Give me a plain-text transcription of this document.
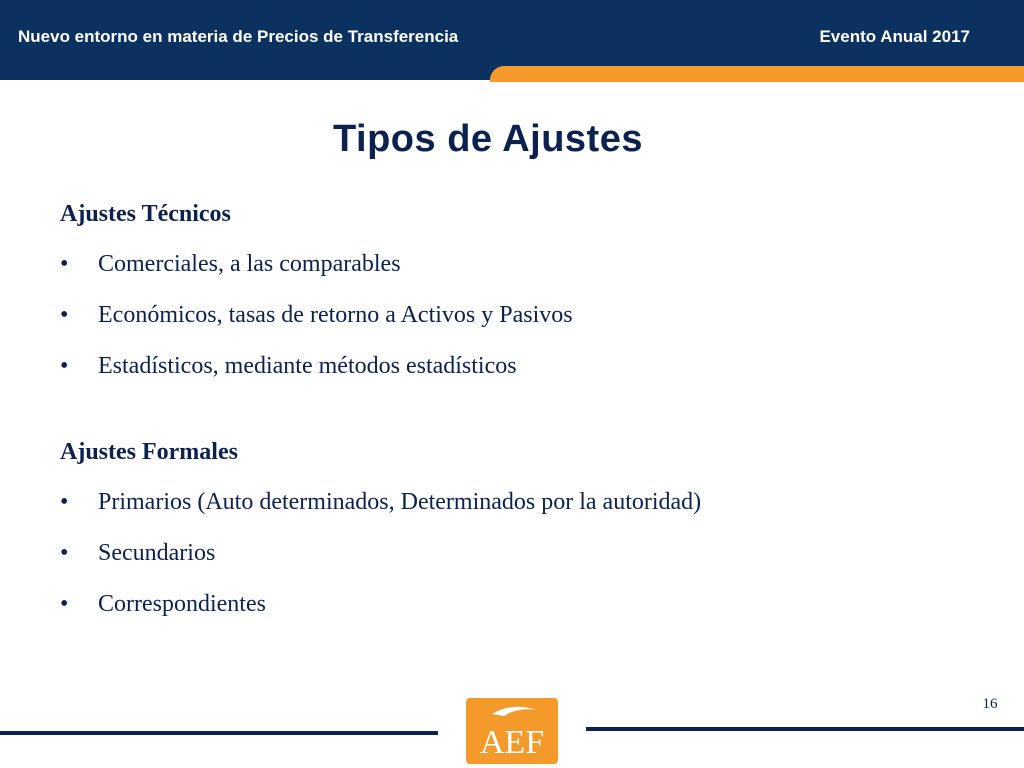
Nuevo entorno en materia de Precios de Transferencia	Evento Anual 2017
Tipos de Ajustes
Ajustes Técnicos
•	Comerciales, a las comparables
•	Económicos, tasas de retorno a Activos y Pasivos
•	Estadísticos, mediante métodos estadísticos
Ajustes Formales
•	Primarios (Auto determinados, Determinados por la autoridad)
•	Secundarios
•	Correspondientes
16
AEF
